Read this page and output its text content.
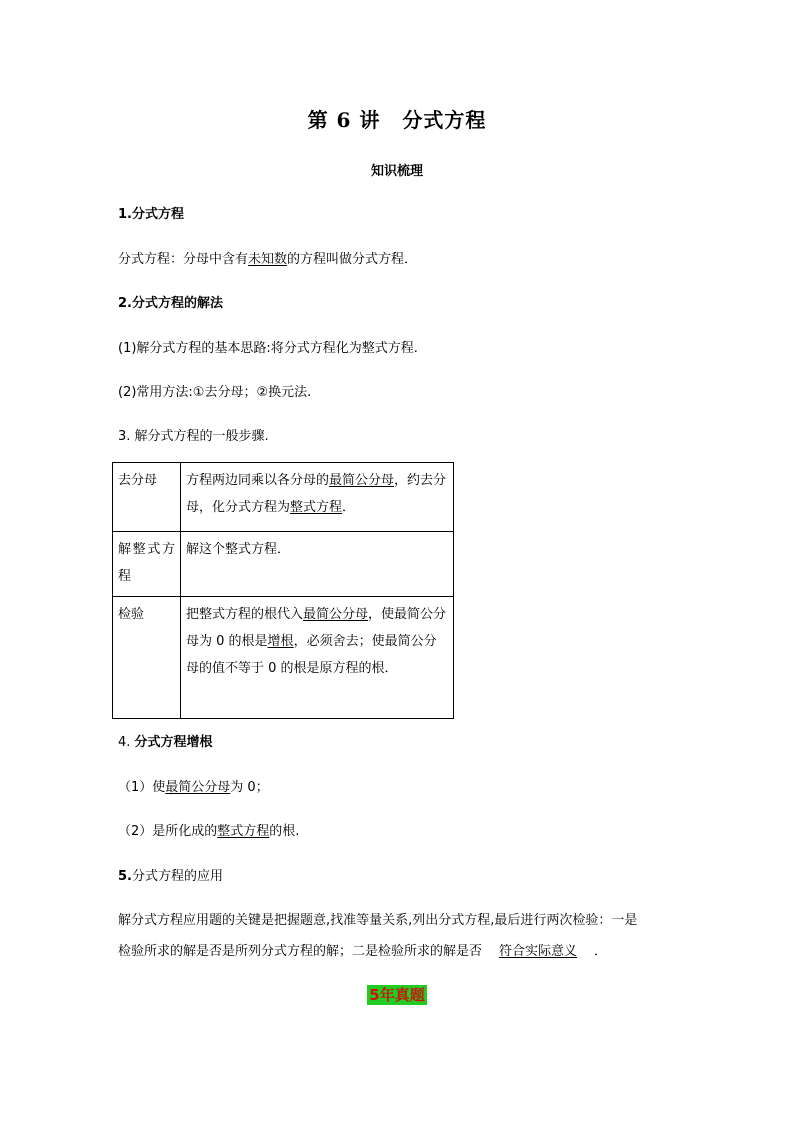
第 6 讲 分式方程
知识梳理
1.分式方程
分式方程：分母中含有未知数的方程叫做分式方程．
2.分式方程的解法
(1)解分式方程的基本思路:将分式方程化为整式方程.
(2)常用方法:①去分母；②换元法.
3. 解分式方程的一般步骤.
去分母	方程两边同乘以各分母的最简公分母，约去分母，化分式方程为整式方程．
解整式方程	解这个整式方程．
检验	把整式方程的根代入最简公分母，使最简公分母为 0 的根是增根，必须舍去；使最简公分母的值不等于 0 的根是原方程的根．
4. 分式方程增根
（1）使最简公分母为 0；
（2）是所化成的整式方程的根.
5.分式方程的应用
解分式方程应用题的关键是把握题意,找准等量关系,列出分式方程,最后进行两次检验：一是
检验所求的解是否是所列分式方程的解；二是检验所求的解是否 符合实际意义 ．
5年真题
